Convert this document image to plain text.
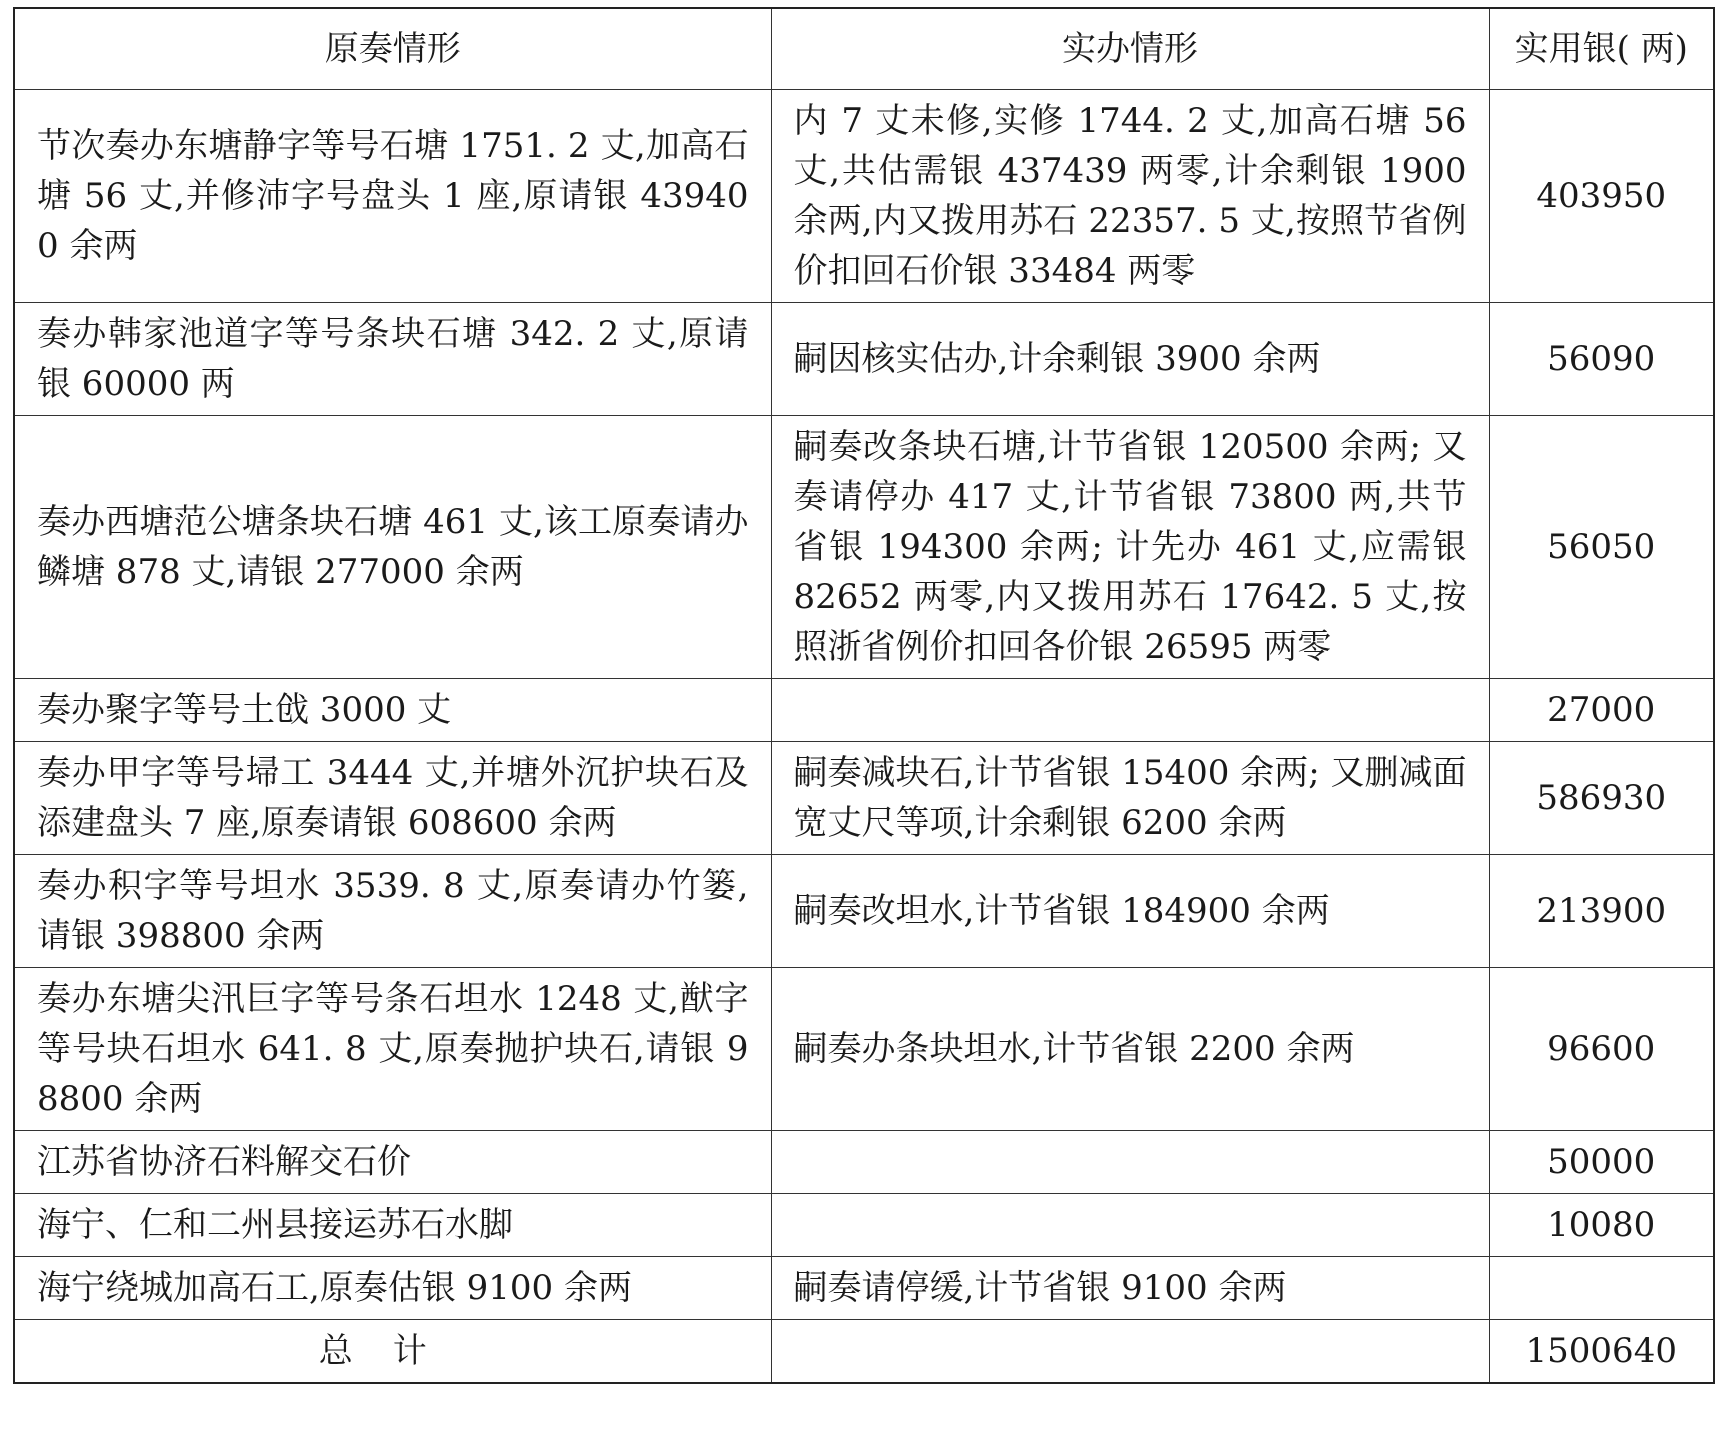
原奏情形	实办情形	实用银( 两)
节次奏办东塘静字等号石塘 1751. 2 丈,加高石塘 56 丈,并修沛字号盘头 1 座,原请银 439400 余两	内 7 丈未修,实修 1744. 2 丈,加高石塘 56 丈,共估需银 437439 两零,计余剩银 1900 余两,内又拨用苏石 22357. 5 丈,按照节省例价扣回石价银 33484 两零	403950
奏办韩家池道字等号条块石塘 342. 2 丈,原请银 60000 两	嗣因核实估办,计余剩银 3900 余两	56090
奏办西塘范公塘条块石塘 461 丈,该工原奏请办鳞塘 878 丈,请银 277000 余两	嗣奏改条块石塘,计节省银 120500 余两; 又奏请停办 417 丈,计节省银 73800 两,共节省银 194300 余两; 计先办 461 丈,应需银 82652 两零,内又拨用苏石 17642. 5 丈,按照浙省例价扣回各价银 26595 两零	56050
奏办聚字等号土戗 3000 丈		27000
奏办甲字等号埽工 3444 丈,并塘外沉护块石及添建盘头 7 座,原奏请银 608600 余两	嗣奏减块石,计节省银 15400 余两; 又删减面宽丈尺等项,计余剩银 6200 余两	586930
奏办积字等号坦水 3539. 8 丈,原奏请办竹篓,请银 398800 余两	嗣奏改坦水,计节省银 184900 余两	213900
奏办东塘尖汛巨字等号条石坦水 1248 丈,猷字等号块石坦水 641. 8 丈,原奏抛护块石,请银 98800 余两	嗣奏办条块坦水,计节省银 2200 余两	96600
江苏省协济石料解交石价		50000
海宁、仁和二州县接运苏石水脚		10080
海宁绕城加高石工,原奏估银 9100 余两	嗣奏请停缓,计节省银 9100 余两	
总计		1500640
